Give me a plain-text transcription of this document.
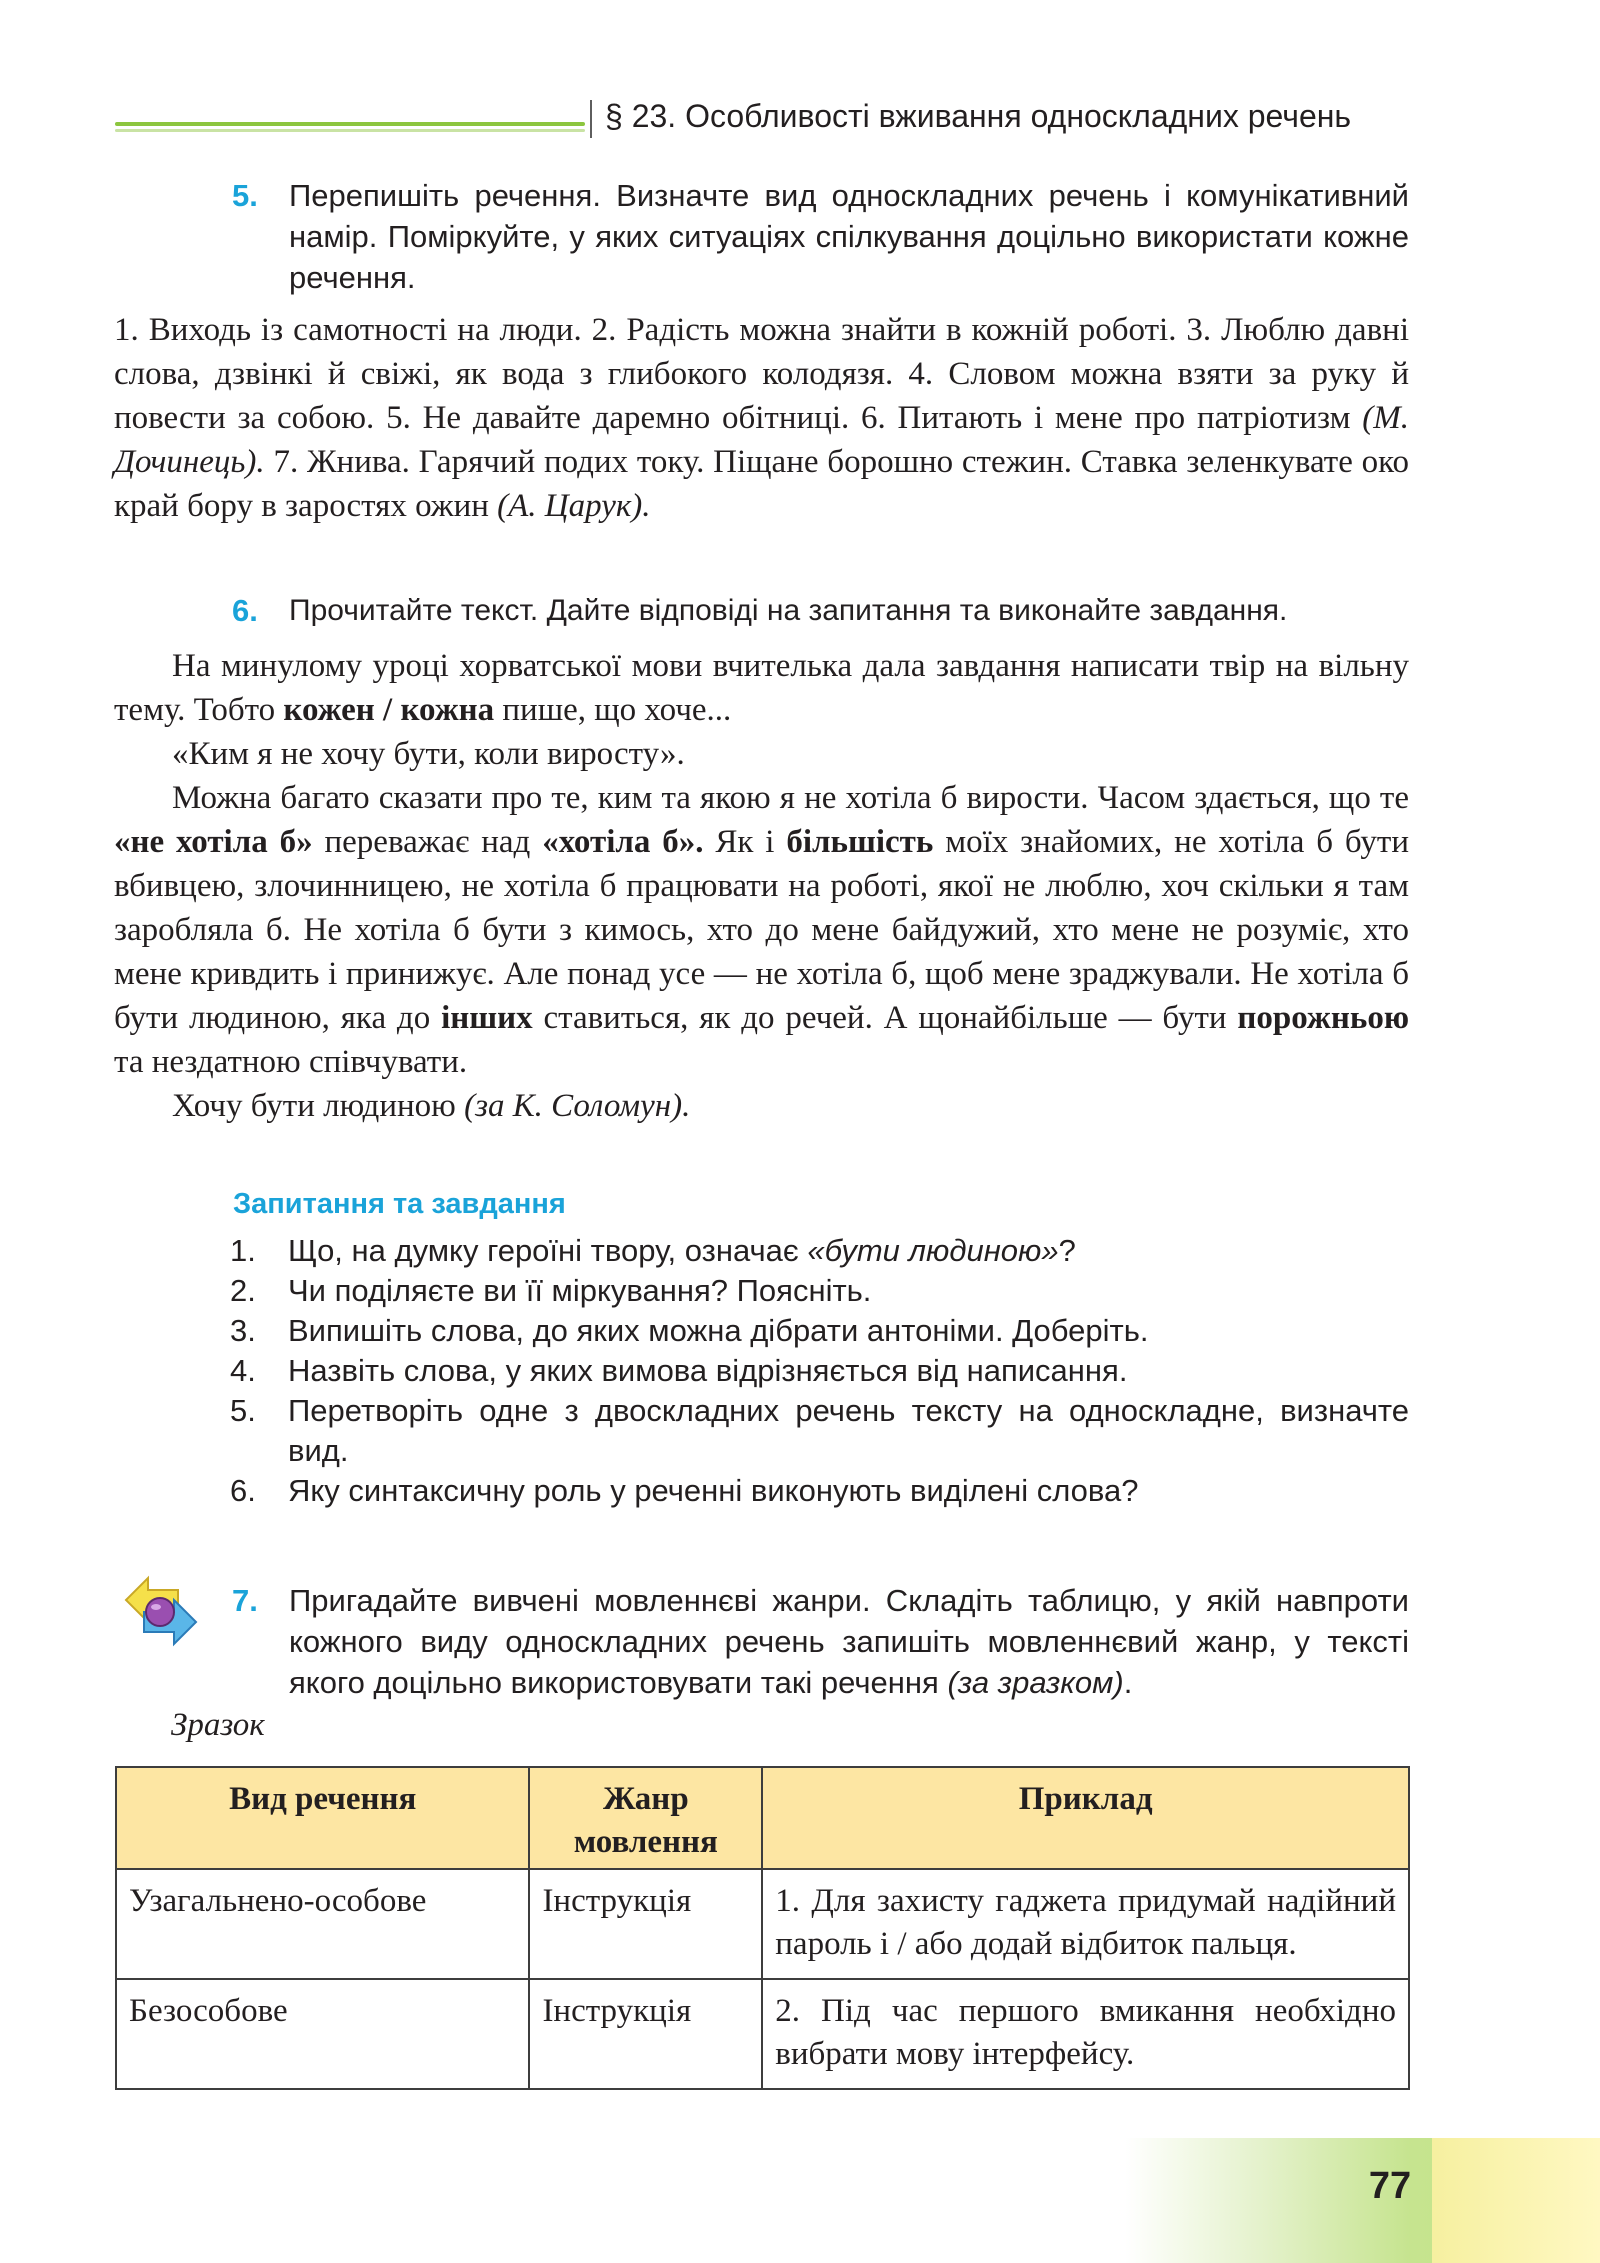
§ 23. Особливості вживання односкладних речень
5. Перепишіть речення. Визначте вид односкладних речень і комунікативний намір. Поміркуйте, у яких ситуаціях спілкування доцільно використати кожне речення.

1. Виходь із самотності на люди. 2. Радість можна знайти в кожній роботі. 3. Люблю давні слова, дзвінкі й свіжі, як вода з глибокого колодязя. 4. Словом можна взяти за руку й повести за собою. 5. Не давайте даремно обітниці. 6. Питають і мене про патріотизм (М. Дочинець). 7. Жнива. Гарячий подих току. Піщане борошно стежин. Ставка зеленкувате око край бору в заростях ожин (А. Царук).

6. Прочитайте текст. Дайте відповіді на запитання та виконайте завдання.

На минулому уроці хорватської мови вчителька дала завдання написати твір на вільну тему. Тобто кожен / кожна пише, що хоче...

«Ким я не хочу бути, коли виросту».

Можна багато сказати про те, ким та якою я не хотіла б вирости. Часом здається, що те «не хотіла б» переважає над «хотіла б». Як і більшість моїх знайомих, не хотіла б бути вбивцею, злочинницею, не хотіла б працювати на роботі, якої не люблю, хоч скільки я там заробляла б. Не хотіла б бути з кимось, хто до мене байдужий, хто мене не розуміє, хто мене кривдить і принижує. Але понад усе — не хотіла б, щоб мене зраджували. Не хотіла б бути людиною, яка до інших ставиться, як до речей. А щонайбільше — бути порожньою та нездатною співчувати.

Хочу бути людиною (за К. Соломун).

Запитання та завдання
1. Що, на думку героїні твору, означає «бути людиною»?
2. Чи поділяєте ви її міркування? Поясніть.
3. Випишіть слова, до яких можна дібрати антоніми. Доберіть.
4. Назвіть слова, у яких вимова відрізняється від написання.
5. Перетворіть одне з двоскладних речень тексту на односкладне, визначте вид.
6. Яку синтаксичну роль у реченні виконують виділені слова?
7. Пригадайте вивчені мовленнєві жанри. Складіть таблицю, у якій навпроти кожного виду односкладних речень запишіть мовленнєвий жанр, у тексті якого доцільно використовувати такі речення (за зразком).
Зразок
Вид речення	Жанр мовлення	Приклад
Узагальнено-особове	Інструкція	1. Для захисту гаджета придумай надійний пароль і / або додай відбиток пальця.
Безособове	Інструкція	2. Під час першого вмикання необхідно вибрати мову інтерфейсу.
77
